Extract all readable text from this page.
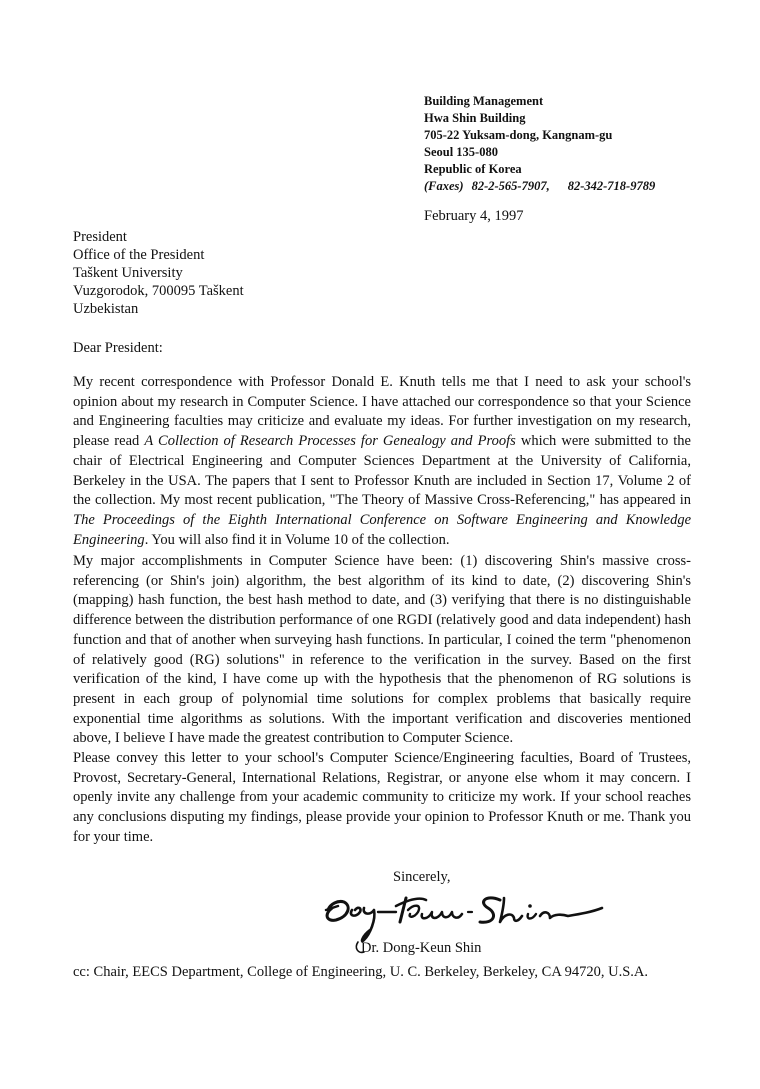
Building Management
Hwa Shin Building
705-22 Yuksam-dong, Kangnam-gu
Seoul 135-080
Republic of Korea
(Faxes) 82-2-565-7907, 82-342-718-9789
February 4, 1997
President
Office of the President
Taškent University
Vuzgorodok, 700095 Taškent
Uzbekistan
Dear President:
My recent correspondence with Professor Donald E. Knuth tells me that I need to ask your school's opinion about my research in Computer Science. I have attached our correspondence so that your Science and Engineering faculties may criticize and evaluate my ideas. For further investigation on my research, please read A Collection of Research Processes for Genealogy and Proofs which were submitted to the chair of Electrical Engineering and Computer Sciences Department at the University of California, Berkeley in the USA. The papers that I sent to Professor Knuth are included in Section 17, Volume 2 of the collection. My most recent publication, "The Theory of Massive Cross-Referencing," has appeared in The Proceedings of the Eighth International Conference on Software Engineering and Knowledge Engineering. You will also find it in Volume 10 of the collection.
My major accomplishments in Computer Science have been: (1) discovering Shin's massive cross-referencing (or Shin's join) algorithm, the best algorithm of its kind to date, (2) discovering Shin's (mapping) hash function, the best hash method to date, and (3) verifying that there is no distinguishable difference between the distribution performance of one RGDI (relatively good and data independent) hash function and that of another when surveying hash functions. In particular, I coined the term "phenomenon of relatively good (RG) solutions" in reference to the verification in the survey. Based on the first verification of the kind, I have come up with the hypothesis that the phenomenon of RG solutions is present in each group of polynomial time solutions for complex problems that basically require exponential time algorithms as solutions. With the important verification and discoveries mentioned above, I believe I have made the greatest contribution to Computer Science.
Please convey this letter to your school's Computer Science/Engineering faculties, Board of Trustees, Provost, Secretary-General, International Relations, Registrar, or anyone else whom it may concern. I openly invite any challenge from your academic community to criticize my work. If your school reaches any conclusions disputing my findings, please provide your opinion to Professor Knuth or me. Thank you for your time.
Sincerely,
Dr. Dong-Keun Shin
cc: Chair, EECS Department, College of Engineering, U. C. Berkeley, Berkeley, CA 94720, U.S.A.
